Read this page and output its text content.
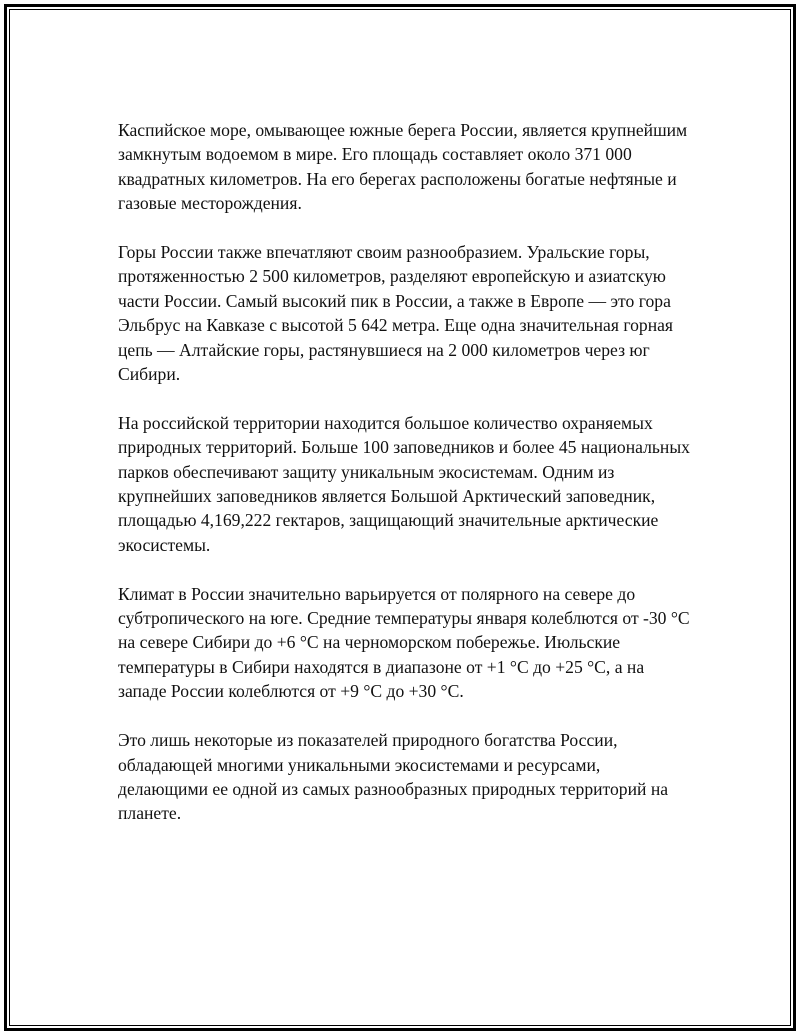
Каспийское море, омывающее южные берега России, является крупнейшим замкнутым водоемом в мире. Его площадь составляет около 371 000 квадратных километров. На его берегах расположены богатые нефтяные и газовые месторождения.

Горы России также впечатляют своим разнообразием. Уральские горы, протяженностью 2 500 километров, разделяют европейскую и азиатскую части России. Самый высокий пик в России, а также в Европе — это гора Эльбрус на Кавказе с высотой 5 642 метра. Еще одна значительная горная цепь — Алтайские горы, растянувшиеся на 2 000 километров через юг Сибири.

На российской территории находится большое количество охраняемых природных территорий. Больше 100 заповедников и более 45 национальных парков обеспечивают защиту уникальным экосистемам. Одним из крупнейших заповедников является Большой Арктический заповедник, площадью 4,169,222 гектаров, защищающий значительные арктические экосистемы.

Климат в России значительно варьируется от полярного на севере до субтропического на юге. Средние температуры января колеблются от -30 °C на севере Сибири до +6 °C на черноморском побережье. Июльские температуры в Сибири находятся в диапазоне от +1 °C до +25 °C, а на западе России колеблются от +9 °C до +30 °C.

Это лишь некоторые из показателей природного богатства России, обладающей многими уникальными экосистемами и ресурсами, делающими ее одной из самых разнообразных природных территорий на планете.
